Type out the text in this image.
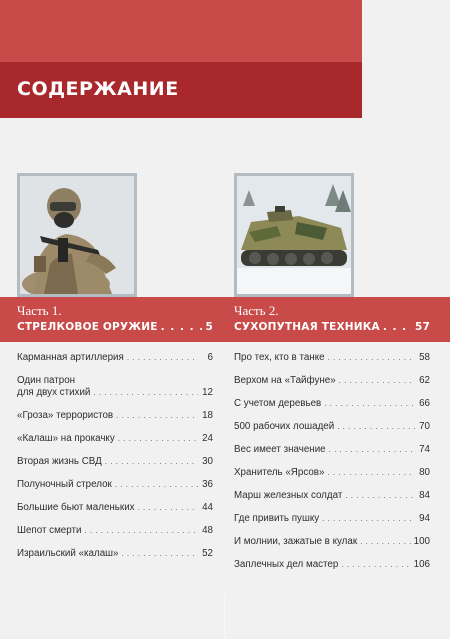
СОДЕРЖАНИЕ
Часть 1.
СТРЕЛКОВОЕ ОРУЖИЕ . . .	5
Часть 2.
СУХОПУТНАЯ ТЕХНИКА . . .	57
Карманная артиллерия . . .	6
Один патрон
для двух стихий . . .	12
«Гроза» террористов . . .	18
«Калаш» на прокачку . . .	24
Вторая жизнь СВД . . .	30
Полуночный стрелок . . .	36
Большие бьют маленьких . . .	44
Шепот смерти . . .	48
Израильский «калаш» . . .	52
Про тех, кто в танке . . .	58
Верхом на «Тайфуне» . . .	62
С учетом деревьев . . .	66
500 рабочих лошадей . . .	70
Вес имеет значение . . .	74
Хранитель «Ярсов» . . .	80
Марш железных солдат . . .	84
Где привить пушку . . .	94
И молнии, зажатые в кулак . . .	100
Заплечных дел мастер . . .	106
